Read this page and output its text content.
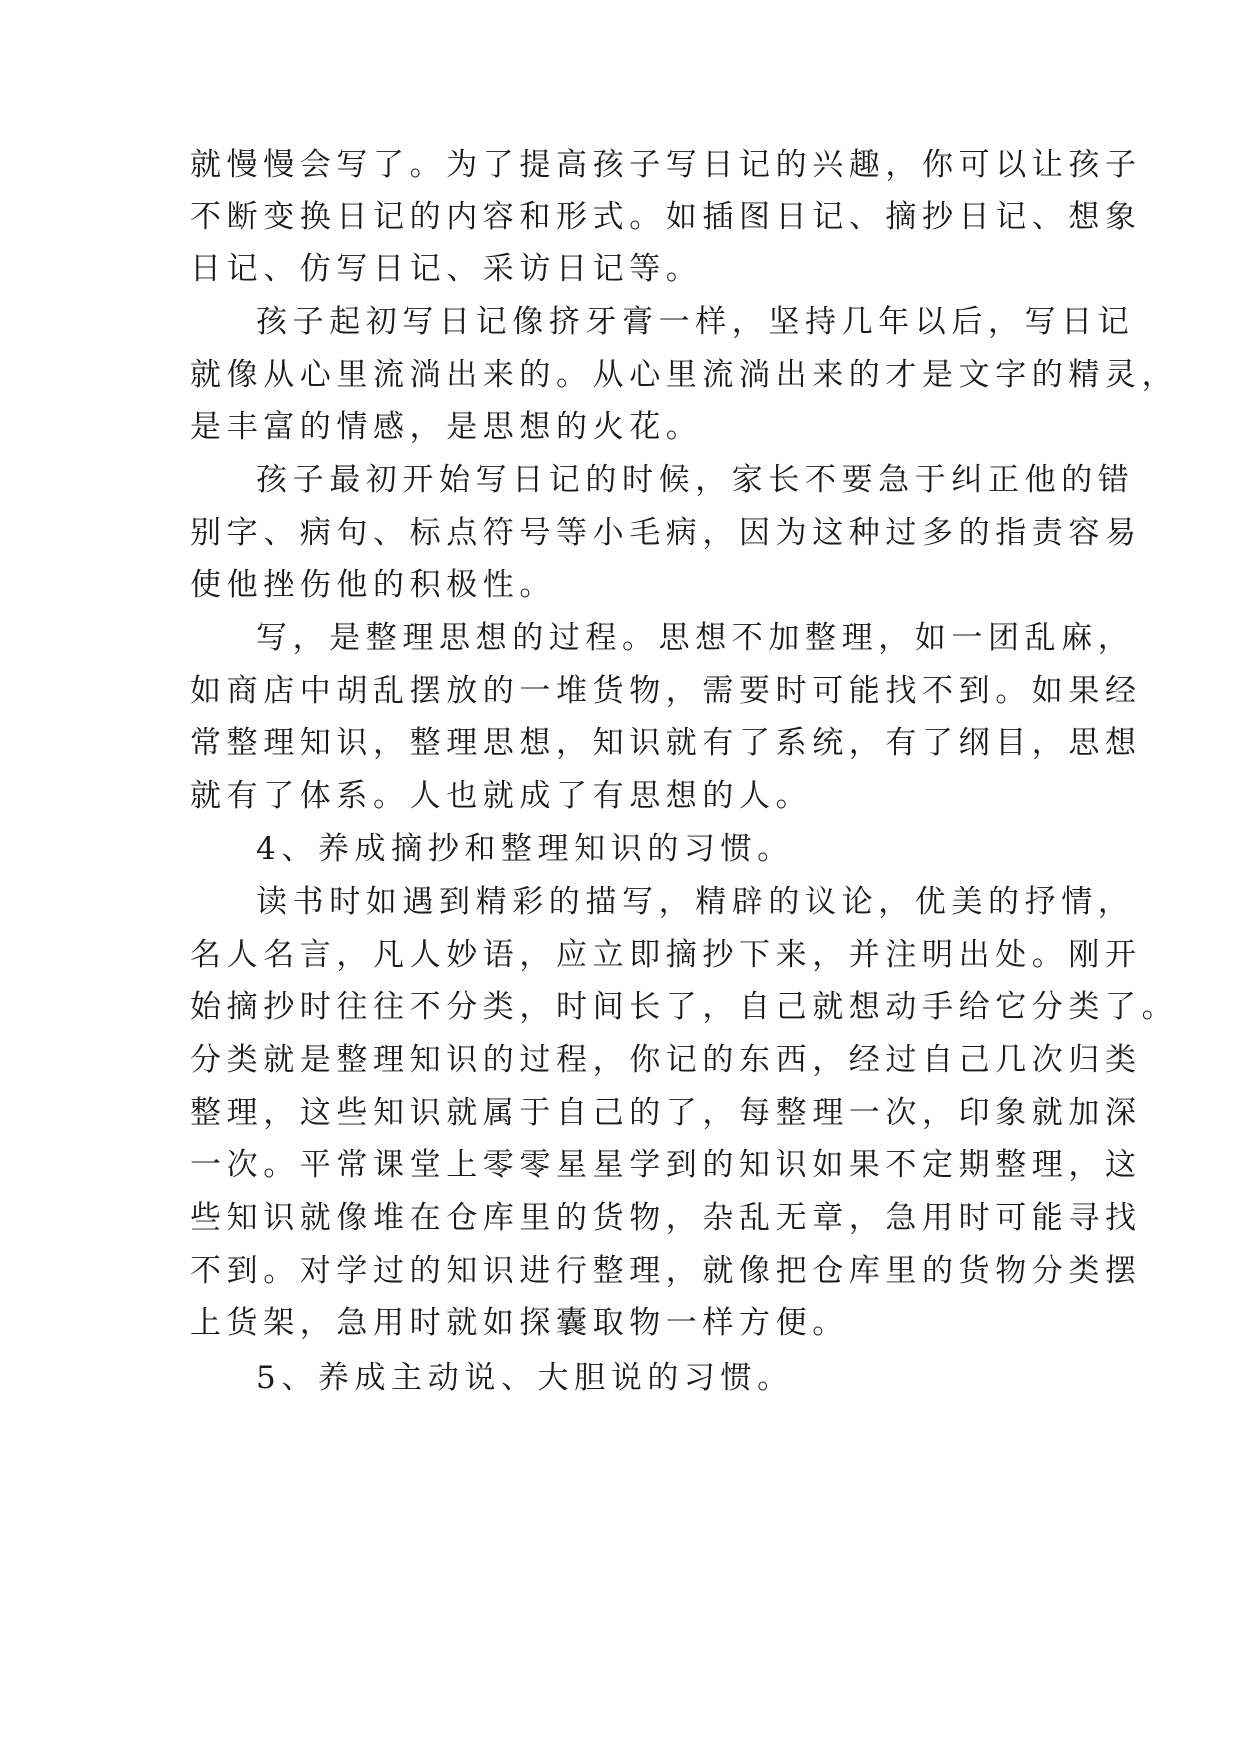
就慢慢会写了。为了提高孩子写日记的兴趣，你可以让孩子
不断变换日记的内容和形式。如插图日记、摘抄日记、想象
日记、仿写日记、采访日记等。
孩子起初写日记像挤牙膏一样，坚持几年以后，写日记
就像从心里流淌出来的。从心里流淌出来的才是文字的精灵，
是丰富的情感，是思想的火花。
孩子最初开始写日记的时候，家长不要急于纠正他的错
别字、病句、标点符号等小毛病，因为这种过多的指责容易
使他挫伤他的积极性。
写，是整理思想的过程。思想不加整理，如一团乱麻，
如商店中胡乱摆放的一堆货物，需要时可能找不到。如果经
常整理知识，整理思想，知识就有了系统，有了纲目，思想
就有了体系。人也就成了有思想的人。
4、养成摘抄和整理知识的习惯。
读书时如遇到精彩的描写，精辟的议论，优美的抒情，
名人名言，凡人妙语，应立即摘抄下来，并注明出处。刚开
始摘抄时往往不分类，时间长了，自己就想动手给它分类了。
分类就是整理知识的过程，你记的东西，经过自己几次归类
整理，这些知识就属于自己的了，每整理一次，印象就加深
一次。平常课堂上零零星星学到的知识如果不定期整理，这
些知识就像堆在仓库里的货物，杂乱无章，急用时可能寻找
不到。对学过的知识进行整理，就像把仓库里的货物分类摆
上货架，急用时就如探囊取物一样方便。
5、养成主动说、大胆说的习惯。
